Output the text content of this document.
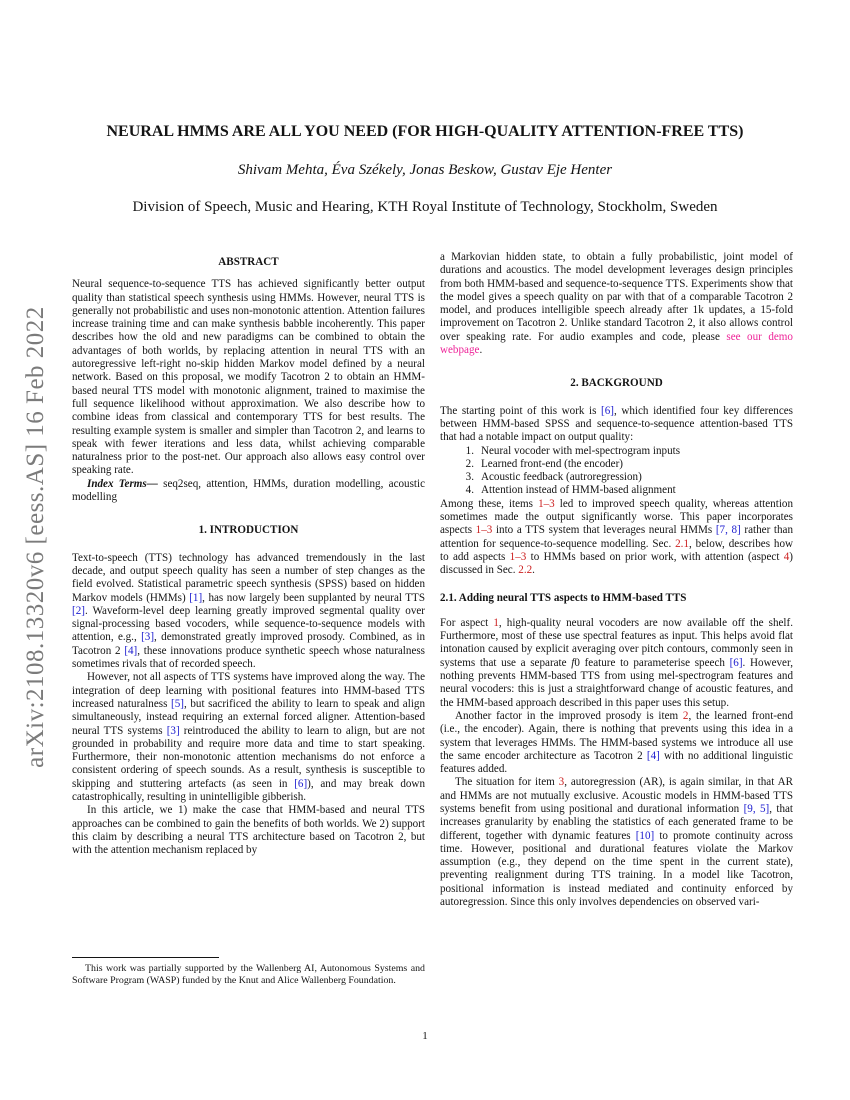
arXiv:2108.13320v6 [eess.AS] 16 Feb 2022
NEURAL HMMS ARE ALL YOU NEED (FOR HIGH-QUALITY ATTENTION-FREE TTS)
Shivam Mehta, Éva Székely, Jonas Beskow, Gustav Eje Henter
Division of Speech, Music and Hearing, KTH Royal Institute of Technology, Stockholm, Sweden
ABSTRACT

Neural sequence-to-sequence TTS has achieved significantly better output quality than statistical speech synthesis using HMMs. However, neural TTS is generally not probabilistic and uses non-monotonic attention. Attention failures increase training time and can make synthesis babble incoherently. This paper describes how the old and new paradigms can be combined to obtain the advantages of both worlds, by replacing attention in neural TTS with an autoregressive left-right no-skip hidden Markov model defined by a neural network. Based on this proposal, we modify Tacotron 2 to obtain an HMM-based neural TTS model with monotonic alignment, trained to maximise the full sequence likelihood without approximation. We also describe how to combine ideas from classical and contemporary TTS for best results. The resulting example system is smaller and simpler than Tacotron 2, and learns to speak with fewer iterations and less data, whilst achieving comparable naturalness prior to the post-net. Our approach also allows easy control over speaking rate.

Index Terms— seq2seq, attention, HMMs, duration modelling, acoustic modelling

1. INTRODUCTION

Text-to-speech (TTS) technology has advanced tremendously in the last decade, and output speech quality has seen a number of step changes as the field evolved. Statistical parametric speech synthesis (SPSS) based on hidden Markov models (HMMs) [1], has now largely been supplanted by neural TTS [2]. Waveform-level deep learning greatly improved segmental quality over signal-processing based vocoders, while sequence-to-sequence models with attention, e.g., [3], demonstrated greatly improved prosody. Combined, as in Tacotron 2 [4], these innovations produce synthetic speech whose naturalness sometimes rivals that of recorded speech.

However, not all aspects of TTS systems have improved along the way. The integration of deep learning with positional features into HMM-based TTS increased naturalness [5], but sacrificed the ability to learn to speak and align simultaneously, instead requiring an external forced aligner. Attention-based neural TTS systems [3] reintroduced the ability to learn to align, but are not grounded in probability and require more data and time to start speaking. Furthermore, their non-monotonic attention mechanisms do not enforce a consistent ordering of speech sounds. As a result, synthesis is susceptible to skipping and stuttering artefacts (as seen in [6]), and may break down catastrophically, resulting in unintelligible gibberish.

In this article, we 1) make the case that HMM-based and neural TTS approaches can be combined to gain the benefits of both worlds. We 2) support this claim by describing a neural TTS architecture based on Tacotron 2, but with the attention mechanism replaced by

This work was partially supported by the Wallenberg AI, Autonomous Systems and Software Program (WASP) funded by the Knut and Alice Wallenberg Foundation.

a Markovian hidden state, to obtain a fully probabilistic, joint model of durations and acoustics. The model development leverages design principles from both HMM-based and sequence-to-sequence TTS. Experiments show that the model gives a speech quality on par with that of a comparable Tacotron 2 model, and produces intelligible speech already after 1k updates, a 15-fold improvement on Tacotron 2. Unlike standard Tacotron 2, it also allows control over speaking rate. For audio examples and code, please see our demo webpage.

2. BACKGROUND

The starting point of this work is [6], which identified four key differences between HMM-based SPSS and sequence-to-sequence attention-based TTS that had a notable impact on output quality:

1. Neural vocoder with mel-spectrogram inputs
2. Learned front-end (the encoder)
3. Acoustic feedback (autroregression)
4. Attention instead of HMM-based alignment

Among these, items 1–3 led to improved speech quality, whereas attention sometimes made the output significantly worse. This paper incorporates aspects 1–3 into a TTS system that leverages neural HMMs [7, 8] rather than attention for sequence-to-sequence modelling. Sec. 2.1, below, describes how to add aspects 1–3 to HMMs based on prior work, with attention (aspect 4) discussed in Sec. 2.2.

2.1. Adding neural TTS aspects to HMM-based TTS

For aspect 1, high-quality neural vocoders are now available off the shelf. Furthermore, most of these use spectral features as input. This helps avoid flat intonation caused by explicit averaging over pitch contours, commonly seen in systems that use a separate f0 feature to parameterise speech [6]. However, nothing prevents HMM-based TTS from using mel-spectrogram features and neural vocoders: this is just a straightforward change of acoustic features, and the HMM-based approach described in this paper uses this setup.

Another factor in the improved prosody is item 2, the learned front-end (i.e., the encoder). Again, there is nothing that prevents using this idea in a system that leverages HMMs. The HMM-based systems we introduce all use the same encoder architecture as Tacotron 2 [4] with no additional linguistic features added.

The situation for item 3, autoregression (AR), is again similar, in that AR and HMMs are not mutually exclusive. Acoustic models in HMM-based TTS systems benefit from using positional and durational information [9, 5], that increases granularity by enabling the statistics of each generated frame to be different, together with dynamic features [10] to promote continuity across time. However, positional and durational features violate the Markov assumption (e.g., they depend on the time spent in the current state), preventing realignment during TTS training. In a model like Tacotron, positional information is instead mediated and continuity enforced by autoregression. Since this only involves dependencies on observed vari-

1
